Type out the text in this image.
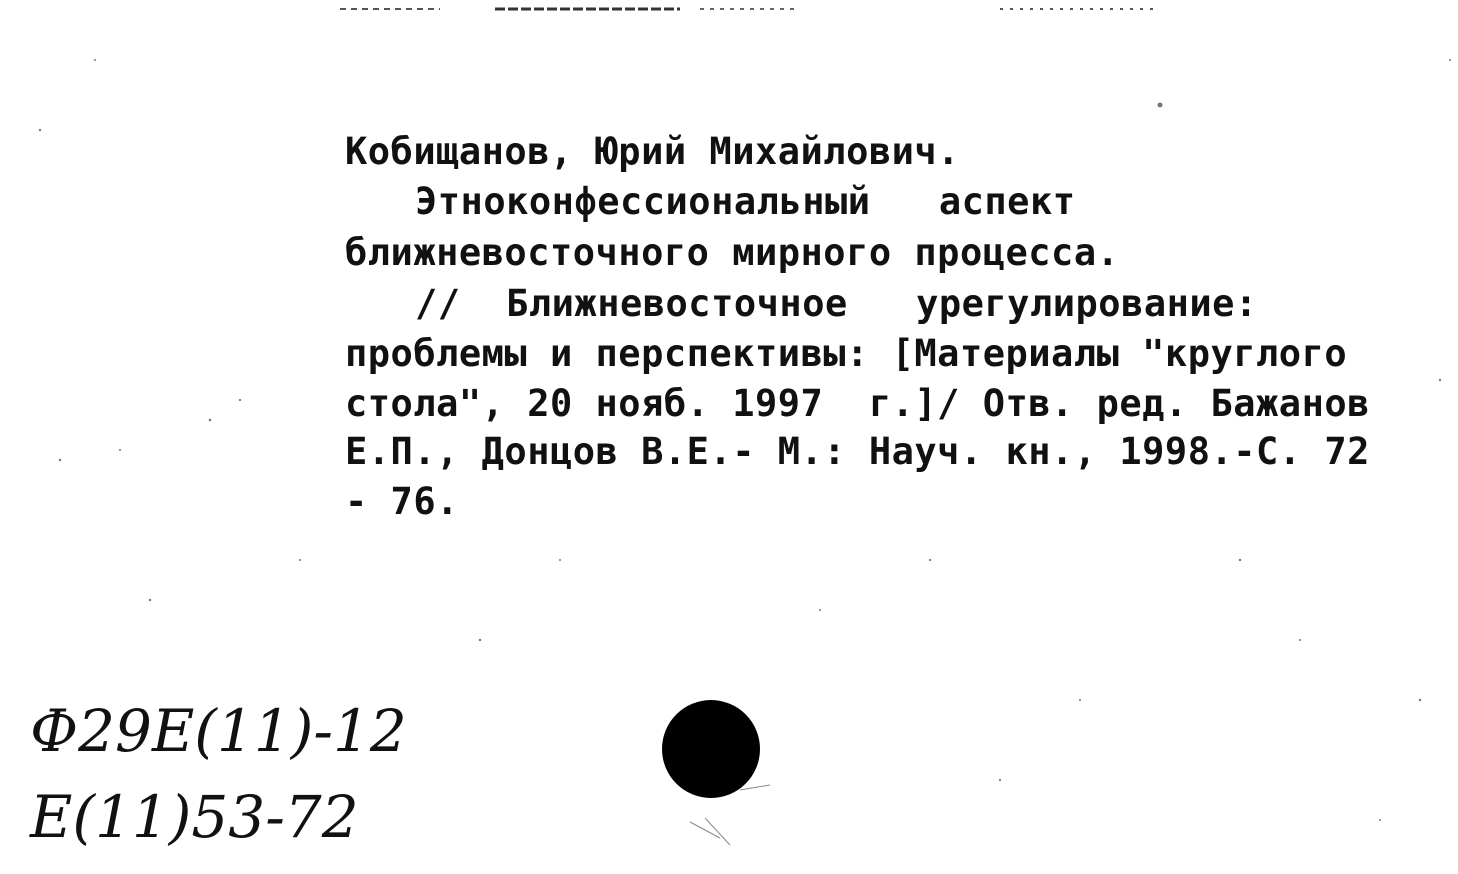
Кобищанов, Юрий Михайлович.
Этноконфессиональный   аспект
ближневосточного мирного процесса.
//  Ближневосточное   урегулирование:
проблемы и перспективы: [Материалы "круглого
стола", 20 нояб. 1997  г.]/ Отв. ред. Бажанов
Е.П., Донцов В.Е.- М.: Науч. кн., 1998.-С. 72
- 76.
Ф29Е(11)-12
Е(11)53-72
